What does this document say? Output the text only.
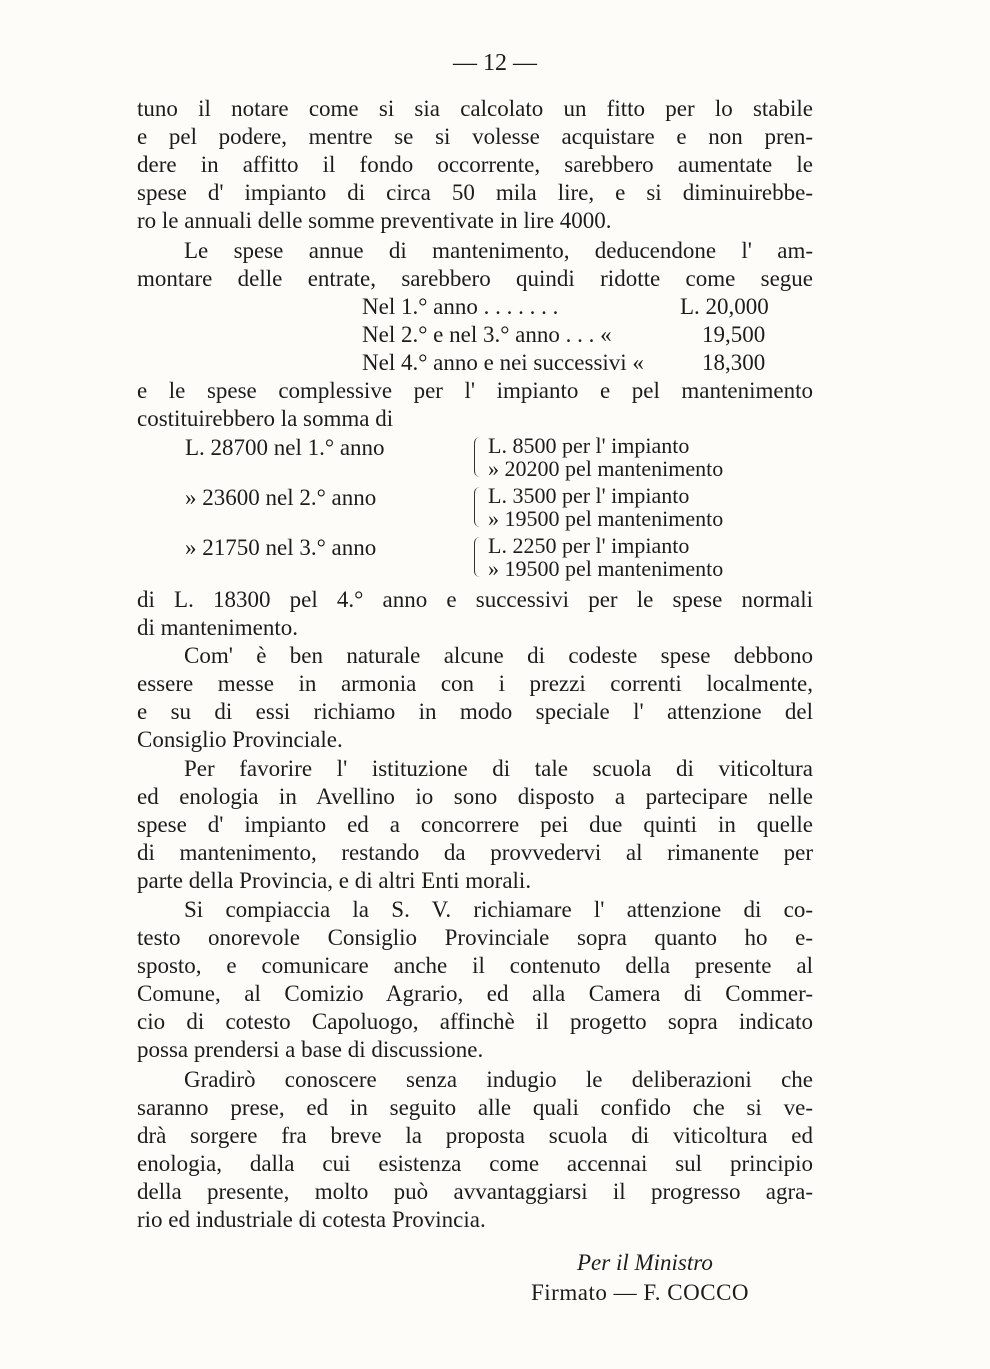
— 12 —
tuno il notare come si sia calcolato un fitto per lo stabile
e pel podere, mentre se si volesse acquistare e non pren-
dere in affitto il fondo occorrente, sarebbero aumentate le
spese d' impianto di circa 50 mila lire, e si diminuirebbe-
ro le annuali delle somme preventivate in lire 4000.
Le spese annue di mantenimento, deducendone l' am-
montare delle entrate, sarebbero quindi ridotte come segue
Nel 1.° anno . . . . . . .	L. 20,000
Nel 2.° e nel 3.° anno . . . «	19,500
Nel 4.° anno e nei successivi «	18,300
e le spese complessive per l' impianto e pel mantenimento
costituirebbero la somma di
L. 28700 nel 1.° anno	L. 8500 per l' impianto
» 20200 pel mantenimento
» 23600 nel 2.° anno	L. 3500 per l' impianto
» 19500 pel mantenimento
» 21750 nel 3.° anno	L. 2250 per l' impianto
» 19500 pel mantenimento
di L. 18300 pel 4.° anno e successivi per le spese normali
di mantenimento.
Com' è ben naturale alcune di codeste spese debbono
essere messe in armonia con i prezzi correnti localmente,
e su di essi richiamo in modo speciale l' attenzione del
Consiglio Provinciale.
Per favorire l' istituzione di tale scuola di viticoltura
ed enologia in Avellino io sono disposto a partecipare nelle
spese d' impianto ed a concorrere pei due quinti in quelle
di mantenimento, restando da provvedervi al rimanente per
parte della Provincia, e di altri Enti morali.
Si compiaccia la S. V. richiamare l' attenzione di co-
testo onorevole Consiglio Provinciale sopra quanto ho e-
sposto, e comunicare anche il contenuto della presente al
Comune, al Comizio Agrario, ed alla Camera di Commer-
cio di cotesto Capoluogo, affinchè il progetto sopra indicato
possa prendersi a base di discussione.
Gradirò conoscere senza indugio le deliberazioni che
saranno prese, ed in seguito alle quali confido che si ve-
drà sorgere fra breve la proposta scuola di viticoltura ed
enologia, dalla cui esistenza come accennai sul principio
della presente, molto può avvantaggiarsi il progresso agra-
rio ed industriale di cotesta Provincia.
Per il Ministro
Firmato — F. COCCO
